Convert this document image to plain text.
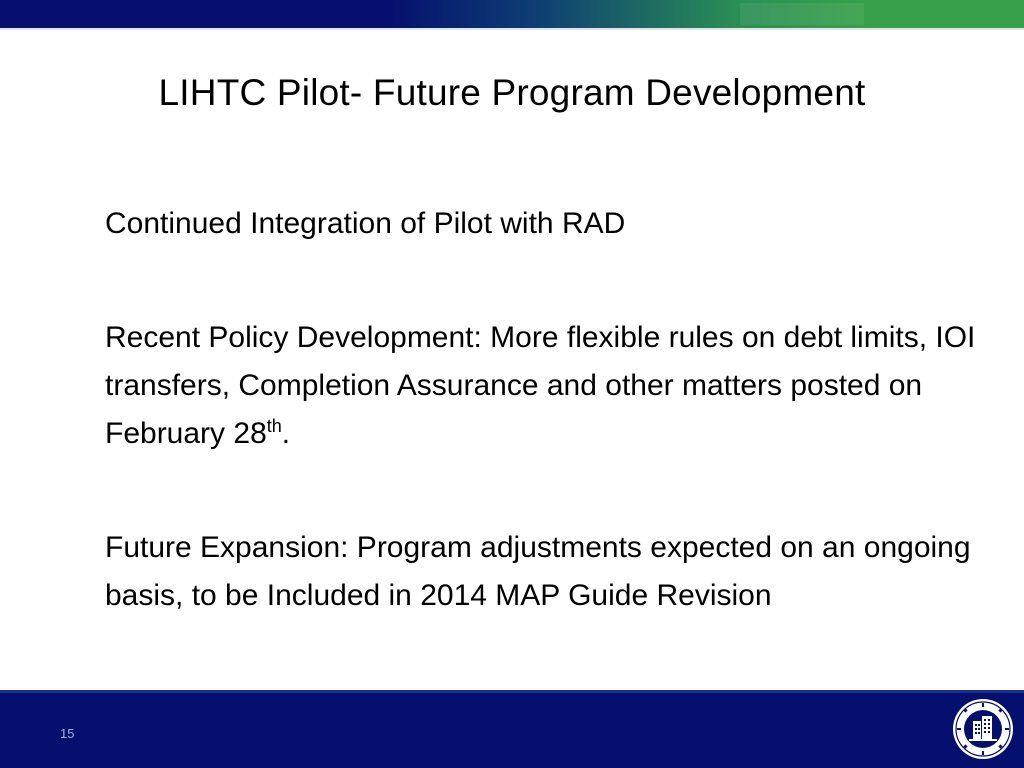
LIHTC Pilot- Future Program Development

Continued Integration of Pilot with RAD

Recent Policy Development: More flexible rules on debt limits, IOI transfers, Completion Assurance and other matters posted on February 28th.

Future Expansion: Program adjustments expected on an ongoing basis, to be Included in 2014 MAP Guide Revision

15
